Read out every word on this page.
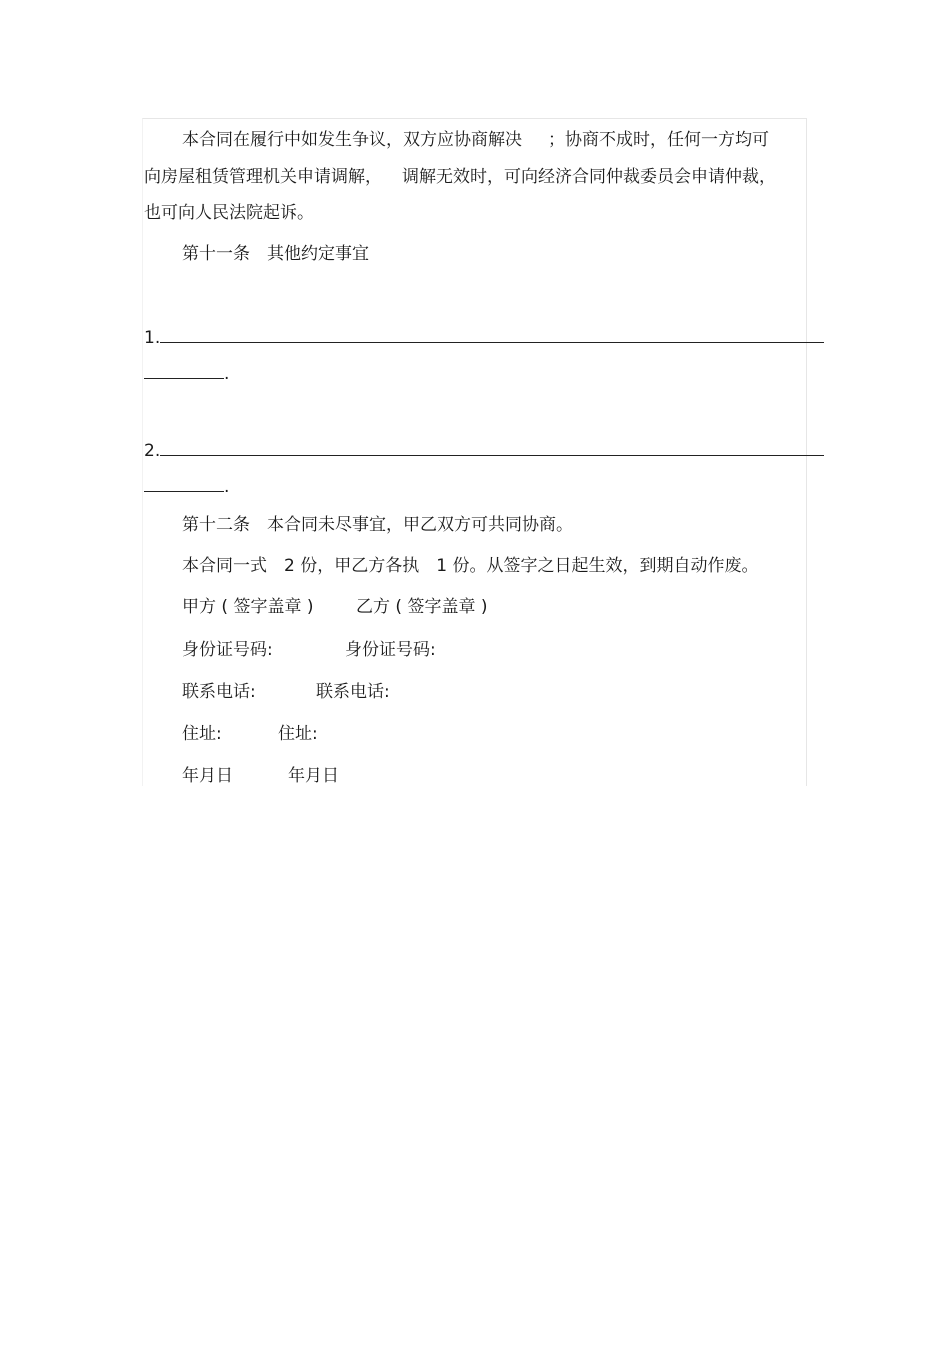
本合同在履行中如发生争议，双方应协商解决 ；协商不成时，任何一方均可
向房屋租赁管理机关申请调解， 调解无效时，可向经济合同仲裁委员会申请仲裁，
也可向人民法院起诉。
第十一条　其他约定事宜
1.
.
2.
.
第十二条　本合同未尽事宜，甲乙双方可共同协商。
本合同一式　2 份，甲乙方各执　1 份。从签字之日起生效，到期自动作废。
甲方 ( 签字盖章 )	乙方 ( 签字盖章 )
身份证号码:	身份证号码:
联系电话:	联系电话:
住址:	住址:
年月日	年月日
